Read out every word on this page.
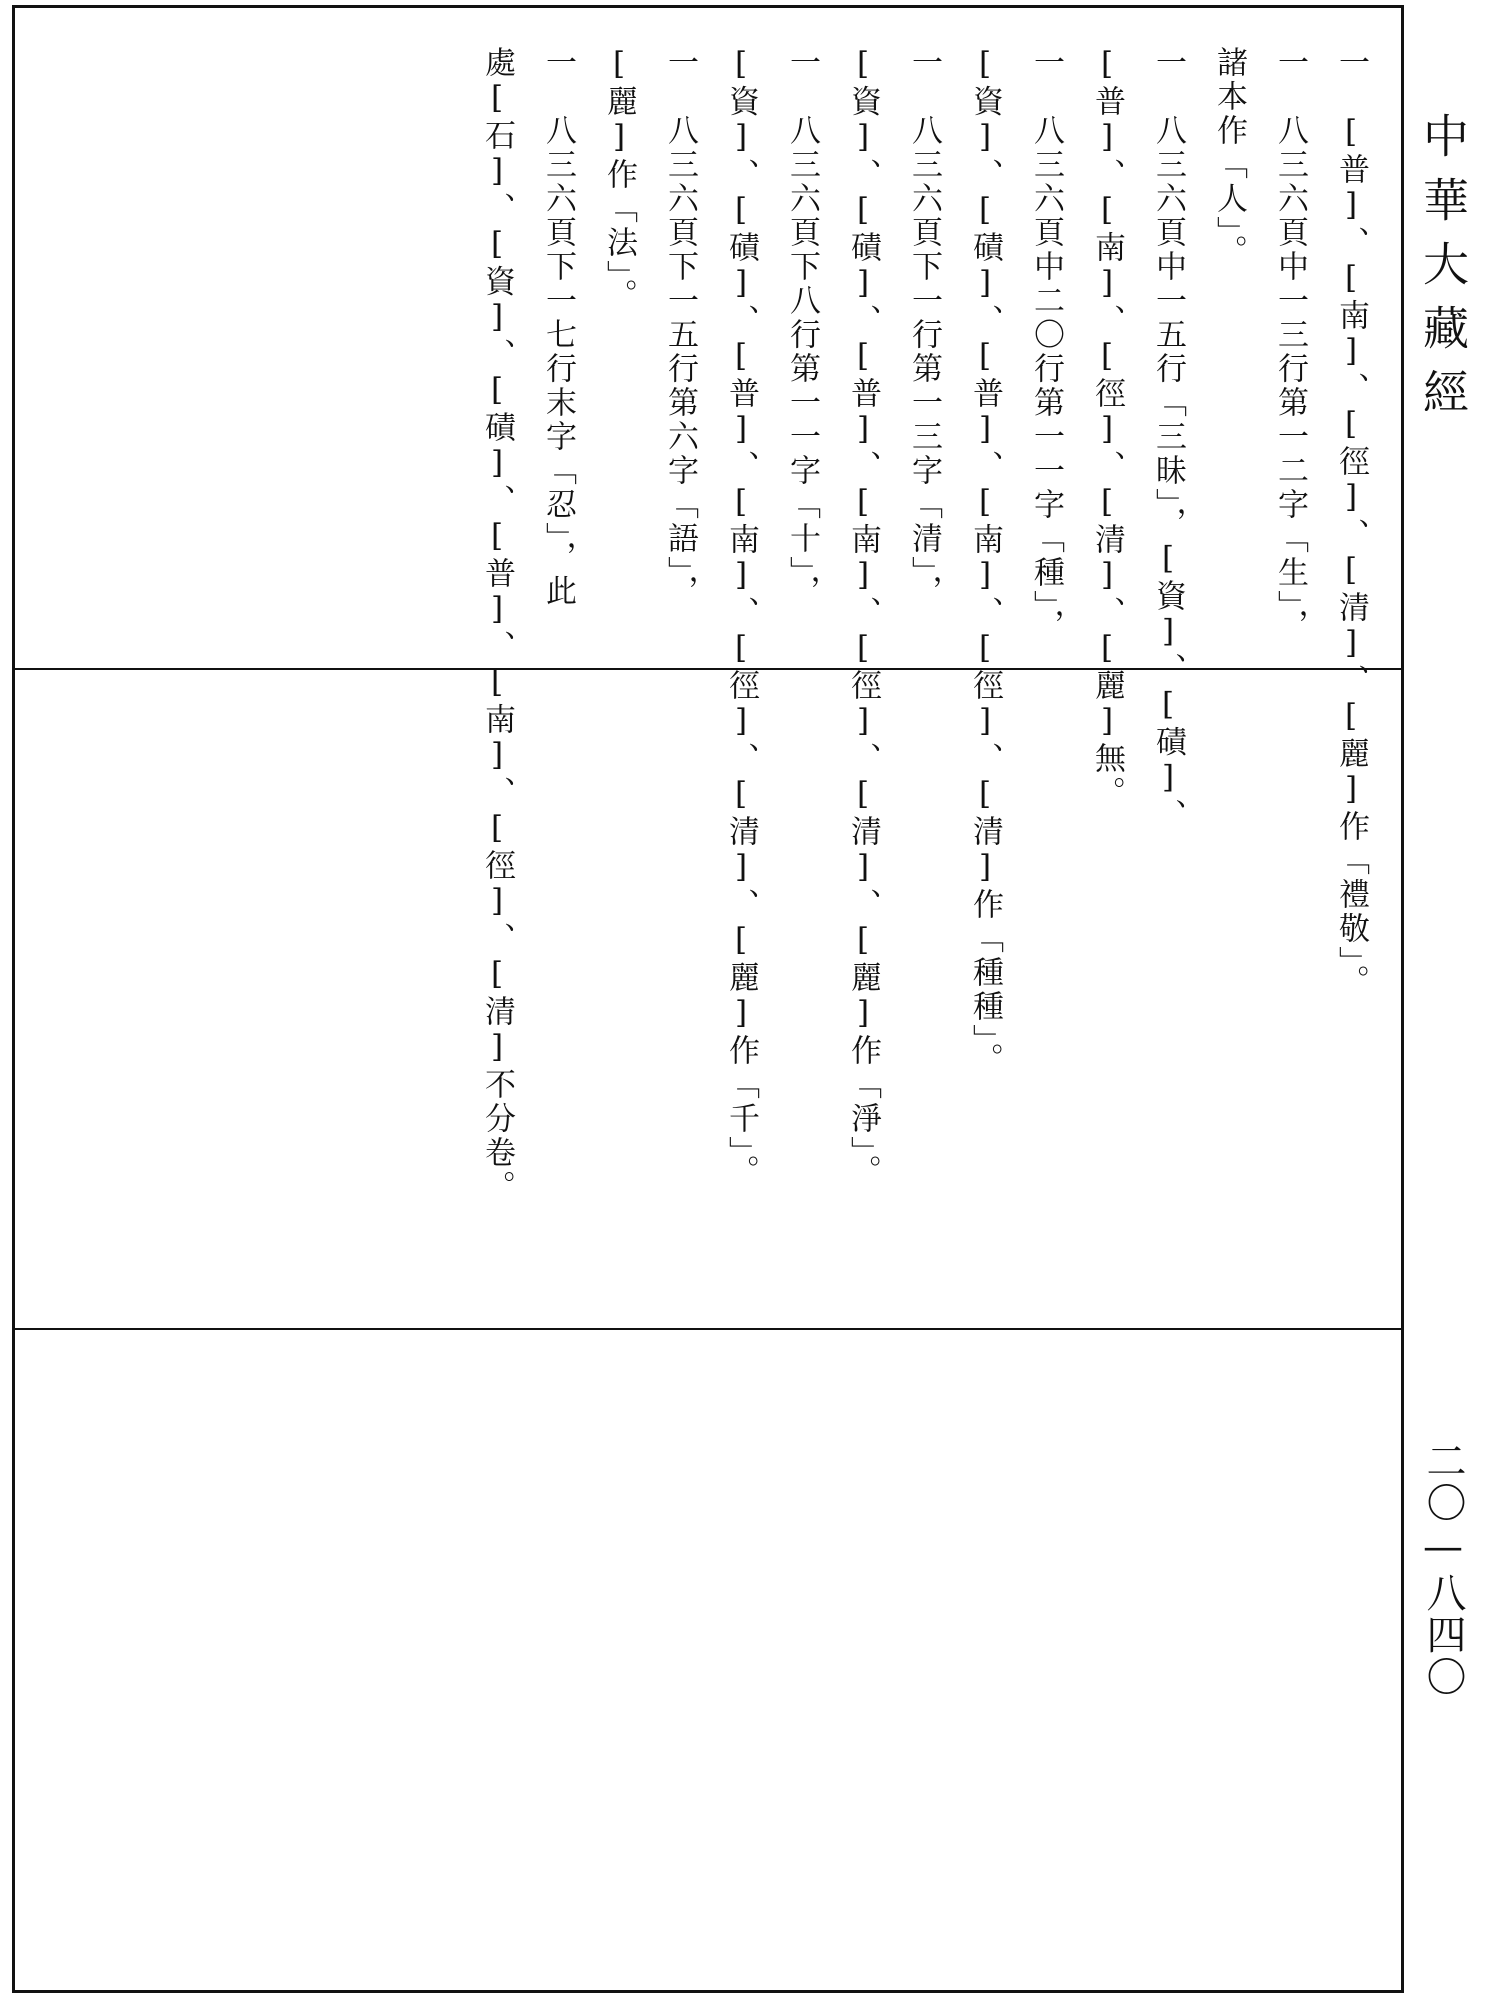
一　[普]、[南]、[徑]、[清]、[麗]作「禮敬」。
一　八三六頁中一三行第一二字「生」，
諸本作「人」。
一　八三六頁中一五行「三昧」，[資]、[磧]、
[普]、[南]、[徑]、[清]、[麗]無。
一　八三六頁中二〇行第一一字「種」，
[資]、[磧]、[普]、[南]、[徑]、[清]作「種種」。
一　八三六頁下一行第一三字「清」，
[資]、[磧]、[普]、[南]、[徑]、[清]、[麗]作「淨」。
一　八三六頁下八行第一一字「十」，
[資]、[磧]、[普]、[南]、[徑]、[清]、[麗]作「千」。
一　八三六頁下一五行第六字「語」，
[麗]作「法」。
一　八三六頁下一七行末字「忍」，此
處[石]、[資]、[磧]、[普]、[南]、[徑]、[清]不分卷。	中華大藏經
二〇—八四〇
